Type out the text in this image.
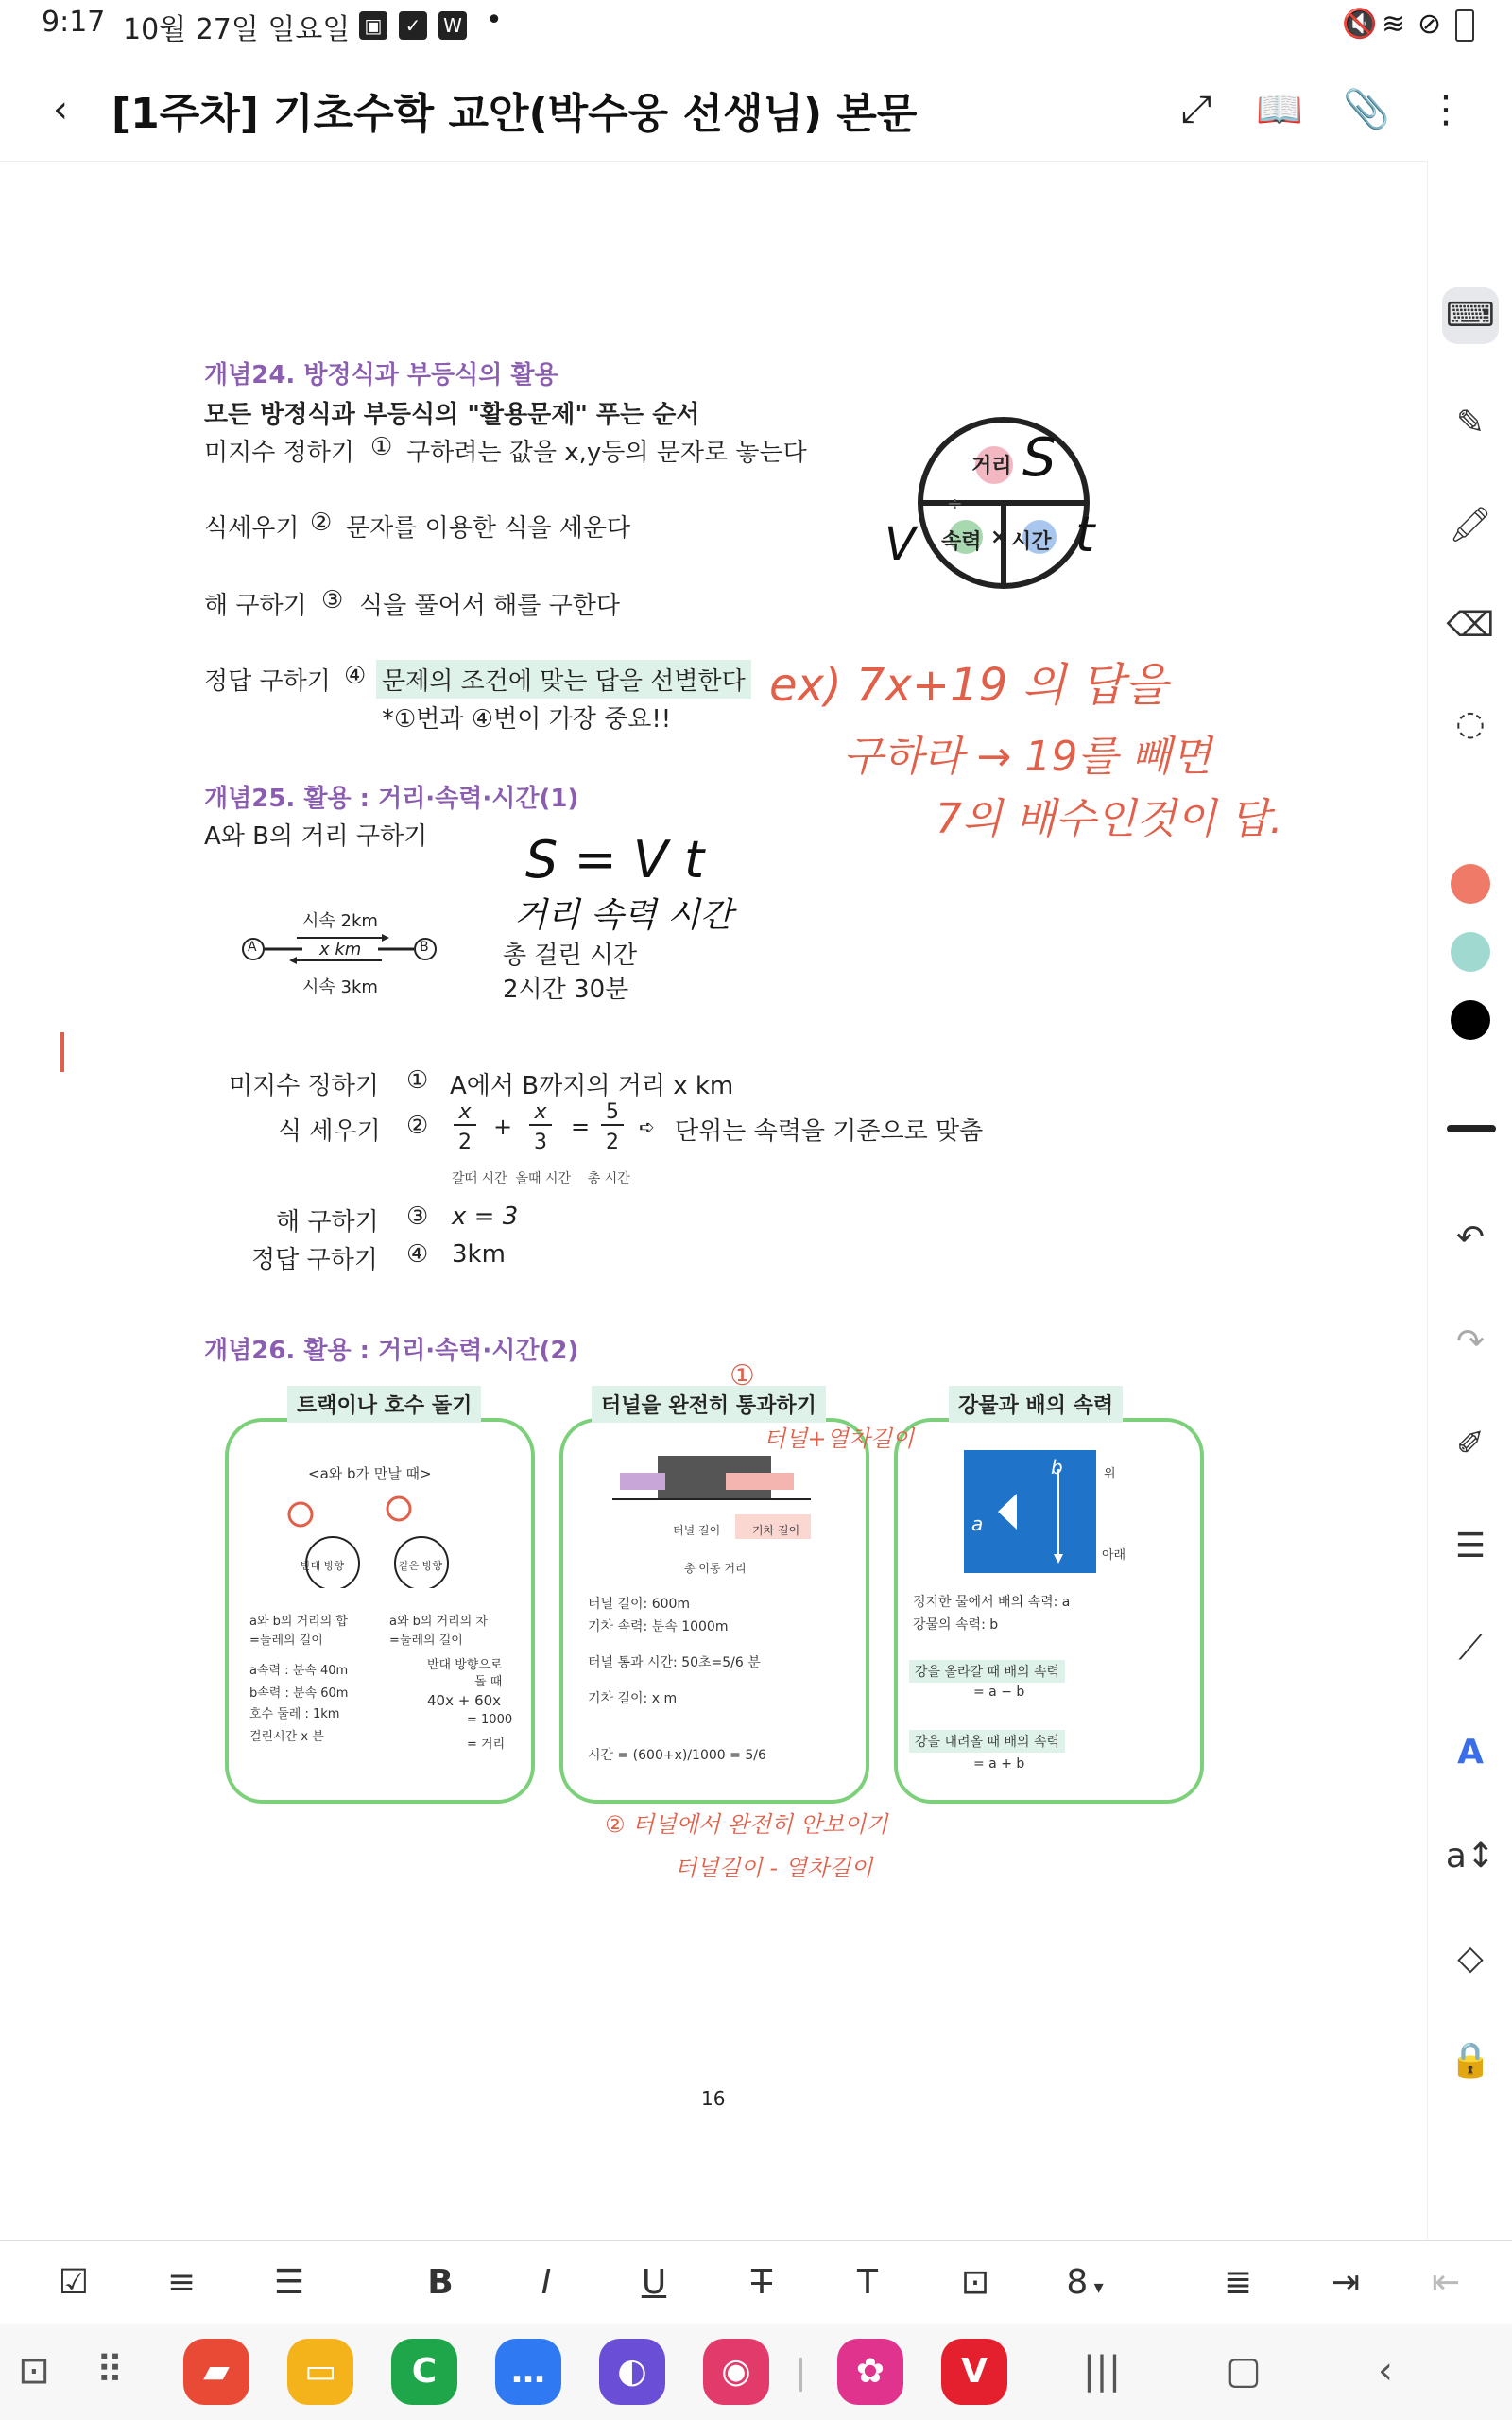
9:17 10월 27일 일요일 ▣	✓	W •	🔇 ≋ ⊘
‹	[1주차] 기초수학 교안(박수웅 선생님) 본문	⤢	📖 📎 ⋮
⌨
✎
🖍
⌫
◌
↶
↷
✐
☰
⟋
A
a↕
◇
🔒
개념24. 방정식과 부등식의 활용
모든 방정식과 부등식의 "활용문제" 푸는 순서
미지수 정하기 ① 구하려는 값을 x,y등의 문자로 놓는다
식세우기 ② 문자를 이용한 식을 세운다
해 구하기 ③ 식을 풀어서 해를 구한다
정답 구하기 ④ 문제의 조건에 맞는 답을 선별한다
*①번과 ④번이 가장 중요!!
거리
속력 × 시간
÷
S
V	t
ex) 7x+19 의 답을
구하라 → 19를 빼면
7의 배수인것이 답.
개념25. 활용 : 거리·속력·시간(1)
A와 B의 거리 구하기
시속 2km
x km
시속 3km
A	B
S = V t
거리 속력 시간
총 걸린 시간
2시간 30분
미지수 정하기 ① A에서 B까지의 거리 x km
식 세우기 ② x
2
+
x
3
=
5
2
➪ 단위는 속력을 기준으로 맞춤
갈때 시간  올때 시간    총 시간
해 구하기 ③ x = 3
정답 구하기 ④ 3km
개념26. 활용 : 거리·속력·시간(2)
트랙이나 호수 돌기
<a와 b가 만날 때>
반대 방향	같은 방향
a와 b의 거리의 합
=둘레의 길이
a속력 : 분속 40m
b속력 : 분속 60m
호수 둘레 : 1km
걸린시간 x 분
a와 b의 거리의 차
=둘레의 길이
반대 방향으로
돌 때
40x + 60x
= 1000
= 거리
터널을 완전히 통과하기
터널 길이	기차 길이
총 이동 거리
터널 길이: 600m
기차 속력: 분속 1000m
터널 통과 시간: 50초=5/6 분
기차 길이: x m
시간 = (600+x)/1000 = 5/6
강물과 배의 속력
b
a
위
아래
정지한 물에서 배의 속력: a
강물의 속력: b
강을 올라갈 때 배의 속력
= a − b
강을 내려올 때 배의 속력
= a + b
①
터널+열차길이
② 터널에서 완전히 안보이기
터널길이 - 열차길이
16
☑	≡	☰	B	I	U	T	T	⊡	8 ▾	≣	⇥	⇤
⊡	⠿	▰	▭	C	…	◐	◉	✿	V	|||	▢	‹
